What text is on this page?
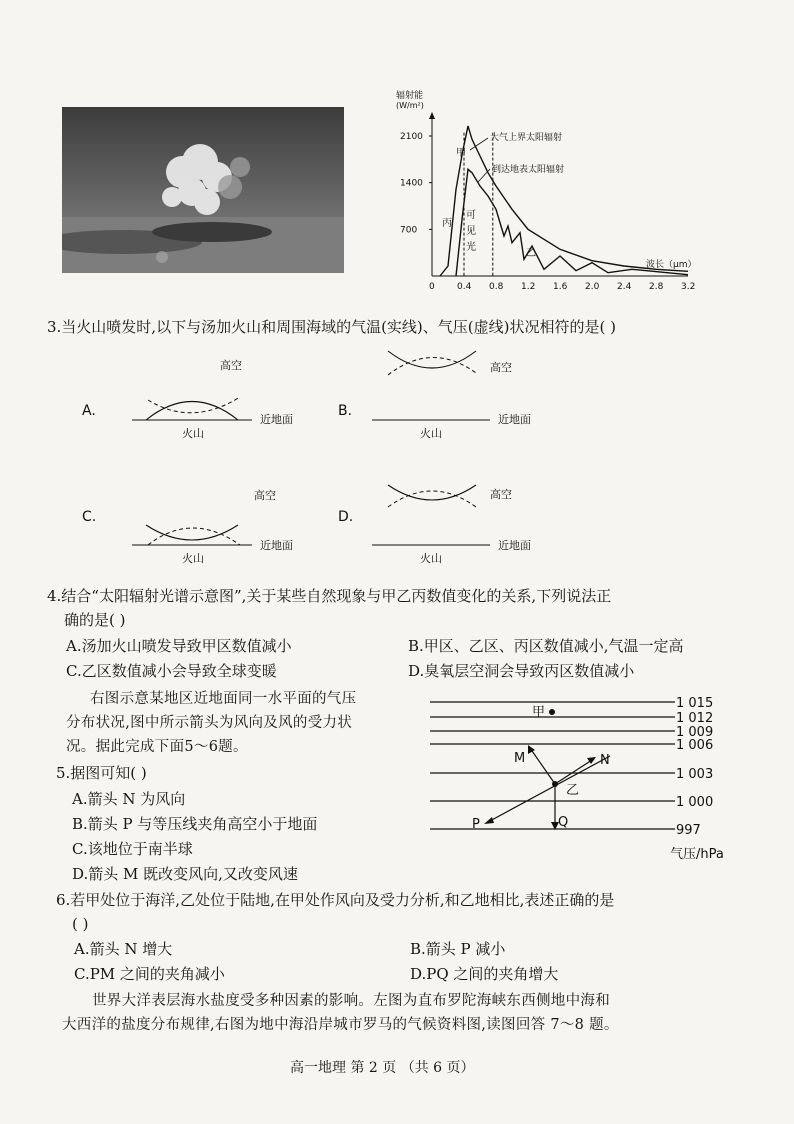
辐射能
(W/m²)
2100
1400
700
0 0.4 0.8 1.2 1.6 2.0 2.4 2.8 3.2
波长（μm）
大气上界太阳辐射
到达地表太阳辐射
甲
丙
乙
可
见
光
3.当火山喷发时,以下与汤加火山和周围海域的气温(实线)、气压(虚线)状况相符的是( )
A.
高空
近地面
火山
B.
高空
近地面
火山
C.
高空
近地面
火山
D.
高空
近地面
火山
4.结合“太阳辐射光谱示意图”,关于某些自然现象与甲乙丙数值变化的关系,下列说法正
确的是( )
A.汤加火山喷发导致甲区数值减小	B.甲区、乙区、丙区数值减小,气温一定高
C.乙区数值减小会导致全球变暖	D.臭氧层空洞会导致丙区数值减小
右图示意某地区近地面同一水平面的气压
分布状况,图中所示箭头为风向及风的受力状
况。据此完成下面5～6题。
1 015
1 012
1 009
1 006
1 003
1 000
997
甲
乙
M	N
P	Q
气压/hPa
5.据图可知( )
A.箭头 N 为风向
B.箭头 P 与等压线夹角高空小于地面
C.该地位于南半球
D.箭头 M 既改变风向,又改变风速
6.若甲处位于海洋,乙处位于陆地,在甲处作风向及受力分析,和乙地相比,表述正确的是
( )
A.箭头 N 增大	B.箭头 P 减小
C.PM 之间的夹角减小	D.PQ 之间的夹角增大
世界大洋表层海水盐度受多种因素的影响。左图为直布罗陀海峡东西侧地中海和
大西洋的盐度分布规律,右图为地中海沿岸城市罗马的气候资料图,读图回答 7～8 题。
高一地理 第 2 页 （共 6 页）
